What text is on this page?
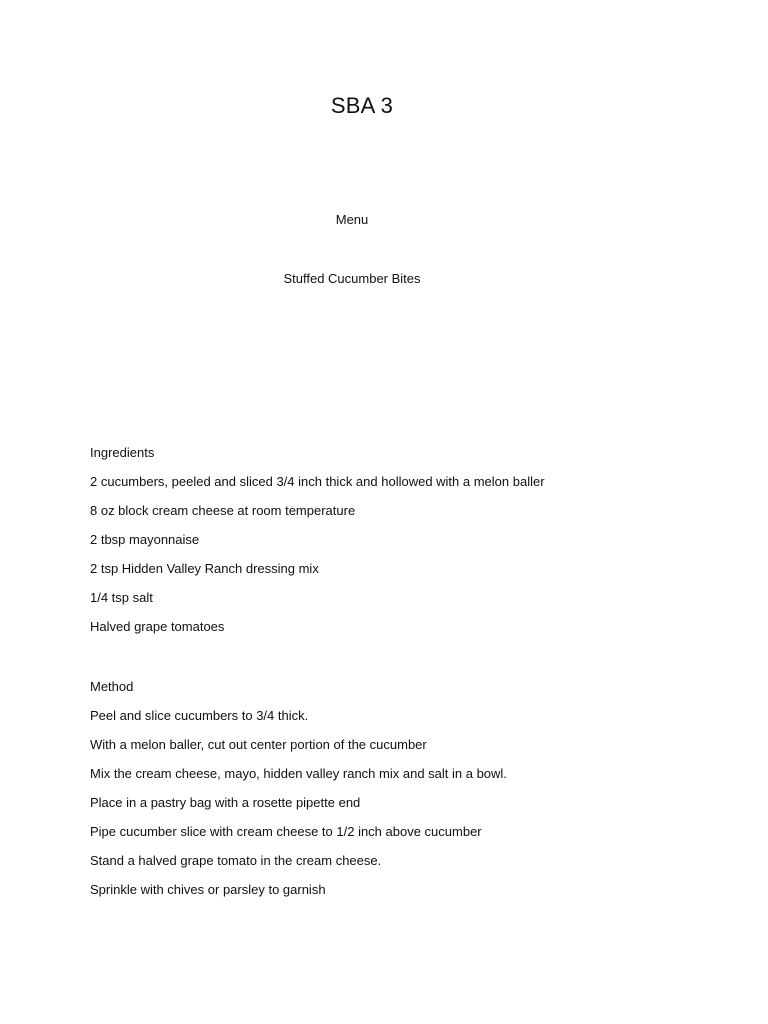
SBA 3
Menu
Stuffed Cucumber Bites
Ingredients
2 cucumbers, peeled and sliced 3/4 inch thick and hollowed with a melon baller
8 oz block cream cheese at room temperature
2 tbsp mayonnaise
2 tsp Hidden Valley Ranch dressing mix
1/4 tsp salt
Halved grape tomatoes
Method
Peel and slice cucumbers to 3/4 thick.
With a melon baller, cut out center portion of the cucumber
Mix the cream cheese, mayo, hidden valley ranch mix and salt in a bowl.
Place in a pastry bag with a rosette pipette end
Pipe cucumber slice with cream cheese to 1/2 inch above cucumber
Stand a halved grape tomato in the cream cheese.
Sprinkle with chives or parsley to garnish
